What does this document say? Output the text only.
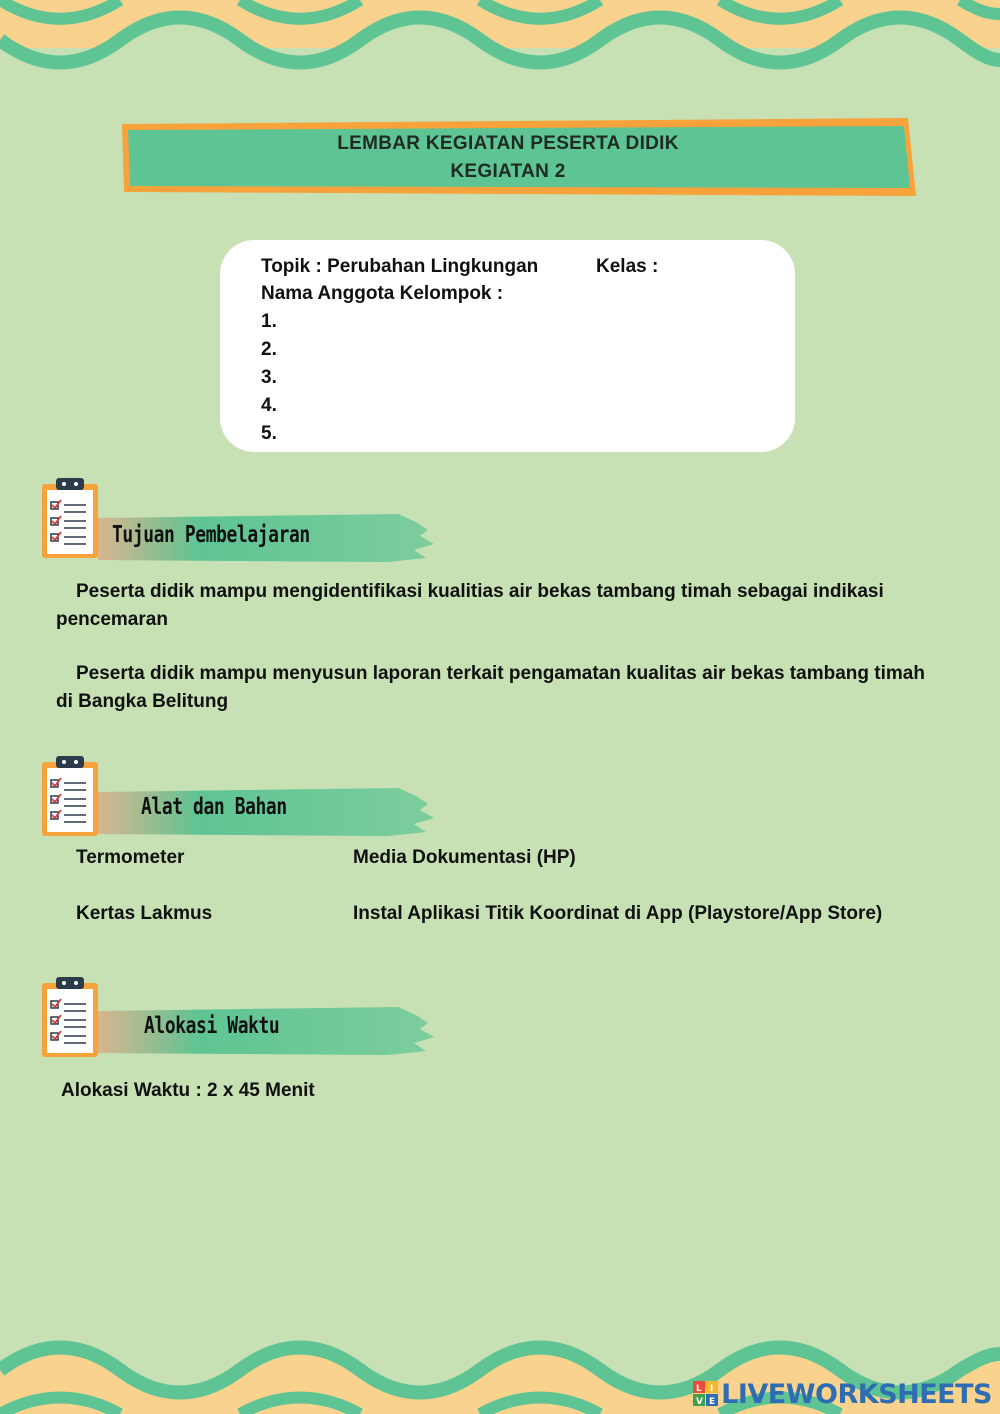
LEMBAR KEGIATAN PESERTA DIDIK
KEGIATAN 2
Topik : Perubahan Lingkungan	Kelas :
Nama Anggota Kelompok :
1.
2.
3.
4.
5.
Tujuan Pembelajaran
Peserta didik mampu mengidentifikasi kualitias air bekas tambang timah sebagai indikasi pencemaran
Peserta didik mampu menyusun laporan terkait pengamatan kualitas air bekas tambang timah di Bangka Belitung
Alat dan Bahan
Termometer	Media Dokumentasi (HP)
Kertas Lakmus	Instal Aplikasi Titik Koordinat di App (Playstore/App Store)
Alokasi Waktu
Alokasi Waktu : 2 x 45 Menit
L I
V E LIVEWORKSHEETS
